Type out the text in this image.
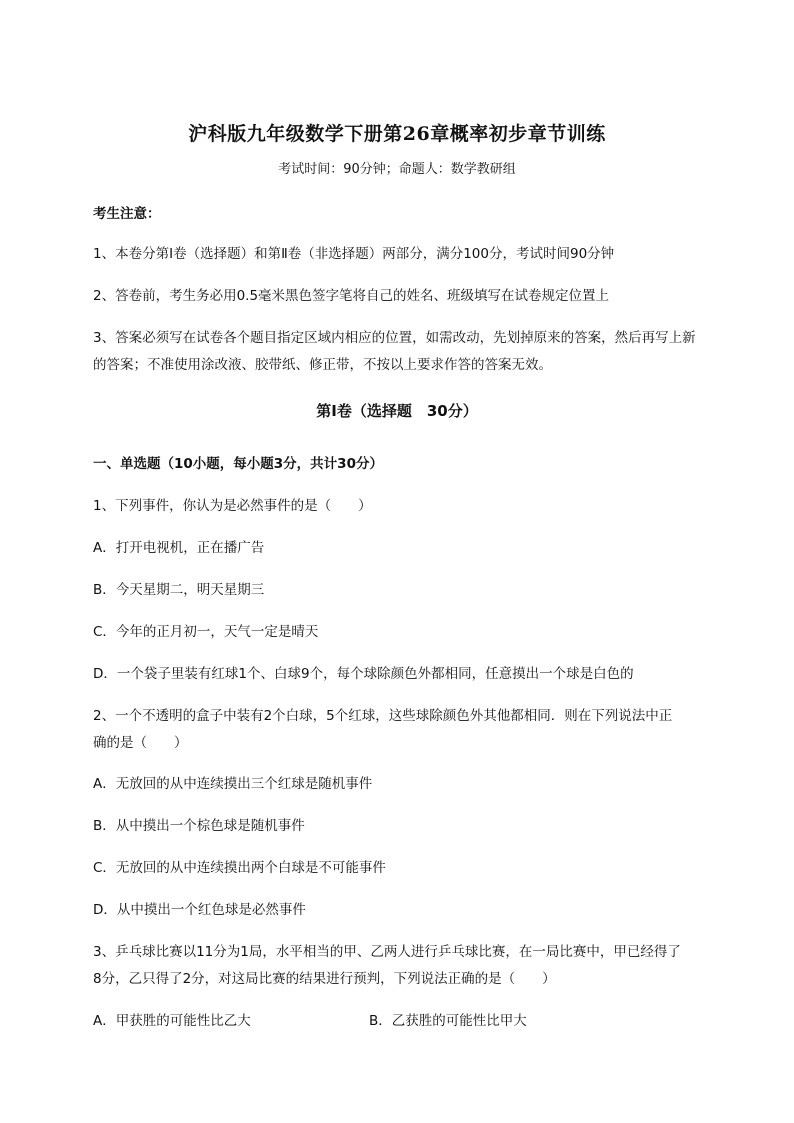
沪科版九年级数学下册第26章概率初步章节训练
考试时间：90分钟；命题人：数学教研组
考生注意：
1、本卷分第I卷（选择题）和第Ⅱ卷（非选择题）两部分，满分100分，考试时间90分钟
2、答卷前，考生务必用0.5毫米黑色签字笔将自己的姓名、班级填写在试卷规定位置上
3、答案必须写在试卷各个题目指定区域内相应的位置，如需改动，先划掉原来的答案，然后再写上新
的答案；不准使用涂改液、胶带纸、修正带，不按以上要求作答的答案无效。
第I卷（选择题　30分）
一、单选题（10小题，每小题3分，共计30分）
1、下列事件，你认为是必然事件的是（　　）
A．打开电视机，正在播广告
B．今天星期二，明天星期三
C．今年的正月初一，天气一定是晴天
D．一个袋子里装有红球1个、白球9个，每个球除颜色外都相同，任意摸出一个球是白色的
2、一个不透明的盒子中装有2个白球，5个红球，这些球除颜色外其他都相同．则在下列说法中正
确的是（　　）
A．无放回的从中连续摸出三个红球是随机事件
B．从中摸出一个棕色球是随机事件
C．无放回的从中连续摸出两个白球是不可能事件
D．从中摸出一个红色球是必然事件
3、乒乓球比赛以11分为1局，水平相当的甲、乙两人进行乒乓球比赛，在一局比赛中，甲已经得了
8分，乙只得了2分，对这局比赛的结果进行预判，下列说法正确的是（　　）
A．甲获胜的可能性比乙大	B．乙获胜的可能性比甲大
